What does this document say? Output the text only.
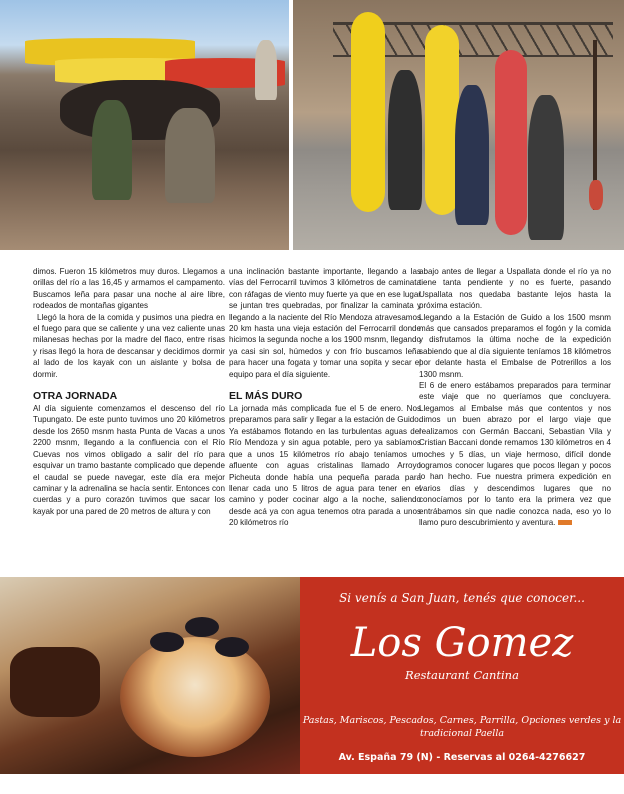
dimos. Fueron 15 kilómetros muy duros. Llegamos a orillas del río a las 16,45 y armamos el campamento. Buscamos leña para pasar una noche al aire libre, rodeados de montañas gigantes

Llegó la hora de la comida y pusimos una piedra en el fuego para que se caliente y una vez caliente unas milanesas hechas por la madre del flaco, entre risas y risas llegó la hora de descansar y decidimos dormir al lado de los kayak con un aislante y bolsa de dormir.

OTRA JORNADA

Al día siguiente comenzamos el descenso del río Tupungato. De este punto tuvimos uno 20 kilómetros desde los 2650 msnm hasta Punta de Vacas a unos 2200 msnm, llegando a la confluencia con el Río Cuevas nos vimos obligado a salir del río para esquivar un tramo bastante complicado que depende el caudal se puede navegar, este día era mejor caminar y la adrenalina se hacía sentir. Entonces con cuerdas y a puro corazón tuvimos que sacar los kayak por una pared de 20 metros de altura y con

una inclinación bastante importante, llegando a las vías del Ferrocarril tuvimos 3 kilómetros de caminata con ráfagas de viento muy fuerte ya que en ese lugar se juntan tres quebradas, por finalizar la caminata y llegando a la naciente del Río Mendoza atravesamos 20 km hasta una vieja estación del Ferrocarril donde hicimos la segunda noche a los 1900 msnm, llegando ya casi sin sol, húmedos y con frío buscamos leña para hacer una fogata y tomar una sopita y secar el equipo para el día siguiente.

EL MÁS DURO

La jornada más complicada fue el 5 de enero. Nos preparamos para salir y llegar a la estación de Guido. Ya estábamos flotando en las turbulentas aguas del Río Mendoza y sin agua potable, pero ya sabíamos que a unos 15 kilómetros río abajo teníamos un afluente con aguas cristalinas llamado Arroyo Picheuta donde había una pequeña parada para llenar cada uno 5 litros de agua para tener en el camino y poder cocinar algo a la noche, saliendo desde acá ya con agua tenemos otra parada a unos 20 kilómetros río

abajo antes de llegar a Uspallata donde el río ya no tiene tanta pendiente y no es fuerte, pasando Uspallata nos quedaba bastante lejos hasta la próxima estación.

Llegando a la Estación de Guido a los 1500 msnm más que cansados preparamos el fogón y la comida y disfrutamos la última noche de la expedición sabiendo que al día siguiente teníamos 18 kilómetros por delante hasta el Embalse de Potrerillos a los 1300 msnm.

El 6 de enero estábamos preparados para terminar este viaje que no queríamos que concluyera. Llegamos al Embalse más que contentos y nos dimos un buen abrazo por el largo viaje que realizamos con Germán Baccani, Sebastian Vila y Cristian Baccani donde remamos 130 kilómetros en 4 noches y 5 días, un viaje hermoso, difícil donde logramos conocer lugares que pocos llegan y pocos lo han hecho. Fue nuestra primera expedición en varios días y descendimos lugares que no conocíamos por lo tanto era la primera vez que entrábamos sin que nadie conozca nada, eso yo lo llamo puro descubrimiento y aventura.

Si venís a San Juan, tenés que conocer...
Los Gomez
Restaurant Cantina
Pastas, Mariscos, Pescados, Carnes, Parrilla, Opciones verdes y la tradicional Paella
Av. España 79 (N) - Reservas al 0264-4276627
